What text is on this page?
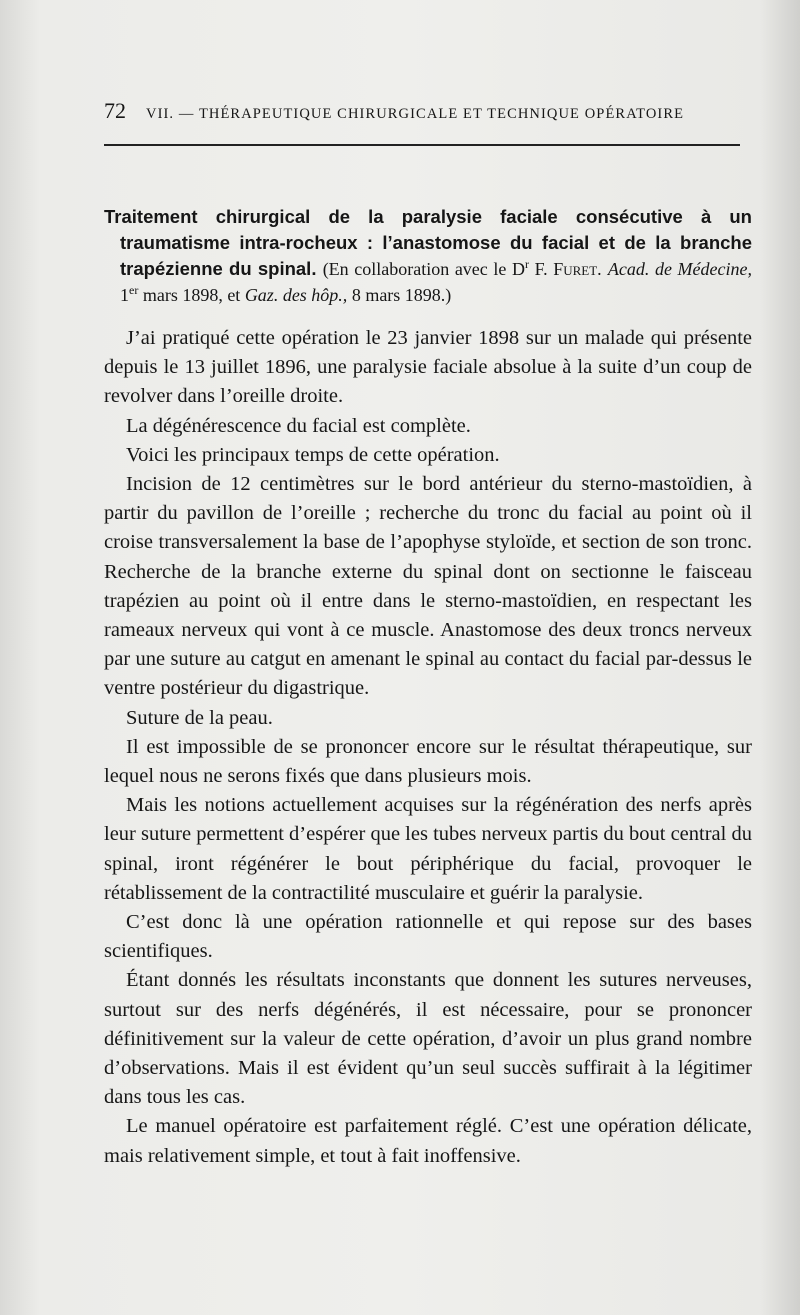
72 VII. — THÉRAPEUTIQUE CHIRURGICALE ET TECHNIQUE OPÉRATOIRE
Traitement chirurgical de la paralysie faciale consécutive à un traumatisme intra-rocheux : l’anastomose du facial et de la branche trapézienne du spinal. (En collaboration avec le $D^r$ F. Furet. Acad. de Médecine, 1er mars 1898, et Gaz. des hôp., 8 mars 1898.)

J’ai pratiqué cette opération le 23 janvier 1898 sur un malade qui présente depuis le 13 juillet 1896, une paralysie faciale absolue à la suite d’un coup de revolver dans l’oreille droite.

La dégénérescence du facial est complète.

Voici les principaux temps de cette opération.

Incision de 12 centimètres sur le bord antérieur du sterno-mastoïdien, à partir du pavillon de l’oreille ; recherche du tronc du facial au point où il croise transversalement la base de l’apophyse styloïde, et section de son tronc. Recherche de la branche externe du spinal dont on sectionne le faisceau trapézien au point où il entre dans le sterno-mastoïdien, en respectant les rameaux nerveux qui vont à ce muscle. Anastomose des deux troncs nerveux par une suture au catgut en amenant le spinal au contact du facial par-dessus le ventre postérieur du digastrique.

Suture de la peau.

Il est impossible de se prononcer encore sur le résultat thérapeutique, sur lequel nous ne serons fixés que dans plusieurs mois.

Mais les notions actuellement acquises sur la régénération des nerfs après leur suture permettent d’espérer que les tubes nerveux partis du bout central du spinal, iront régénérer le bout périphérique du facial, provoquer le rétablissement de la contractilité musculaire et guérir la paralysie.

C’est donc là une opération rationnelle et qui repose sur des bases scientifiques.

Étant donnés les résultats inconstants que donnent les sutures nerveuses, surtout sur des nerfs dégénérés, il est nécessaire, pour se prononcer définitivement sur la valeur de cette opération, d’avoir un plus grand nombre d’observations. Mais il est évident qu’un seul succès suffirait à la légitimer dans tous les cas.

Le manuel opératoire est parfaitement réglé. C’est une opération délicate, mais relativement simple, et tout à fait inoffensive.
